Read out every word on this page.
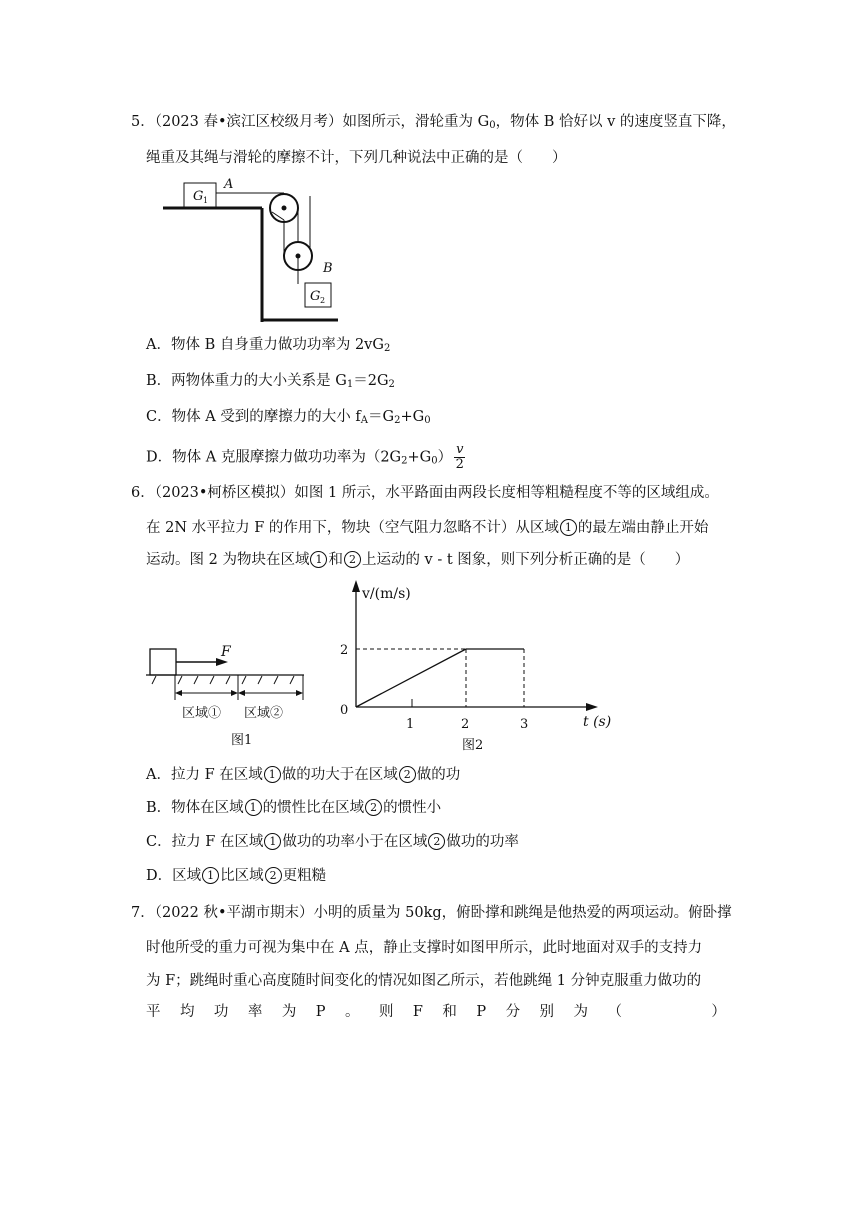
5．（2023 春•滨江区校级月考）如图所示，滑轮重为 $G_0$，物体 B 恰好以 v 的速度竖直下降，
绳重及其绳与滑轮的摩擦不计，下列几种说法中正确的是（　　）
G 1
A
B
G 2
A．物体 B 自身重力做功功率为 $2vG_2$
B．两物体重力的大小关系是 $G_1=2G_2$
C．物体 A 受到的摩擦力的大小 $f_A=G_2+G_0$
D．物体 A 克服摩擦力做功功率为$(2G_2+G_0) \frac{v}{2}$
6．（2023•柯桥区模拟）如图 1 所示，水平路面由两段长度相等粗糙程度不等的区域组成。
在 2N 水平拉力 F 的作用下，物块（空气阻力忽略不计）从区域 1 的最左端由静止开始
运动。图 2 为物块在区域 1 和 2 上运动的 v - t 图象，则下列分析正确的是（　　）
F
区域① 区域②
图1
v/(m/s)
t (s)
2
0
1	2	3
图2
A．拉力 F 在区域 1 做的功大于在区域 2 做的功
B．物体在区域 1 的惯性比在区域 2 的惯性小
C．拉力 F 在区域 1 做功的功率小于在区域 2 做功的功率
D．区域 1 比区域 2 更粗糙
7．（2022 秋•平湖市期末）小明的质量为 50kg，俯卧撑和跳绳是他热爱的两项运动。俯卧撑
时他所受的重力可视为集中在 A 点，静止支撑时如图甲所示，此时地面对双手的支持力
为 F；跳绳时重心高度随时间变化的情况如图乙所示，若他跳绳 1 分钟克服重力做功的
平 均 功 率 为 P 。 则 F 和 P 分 别 为 （	）
